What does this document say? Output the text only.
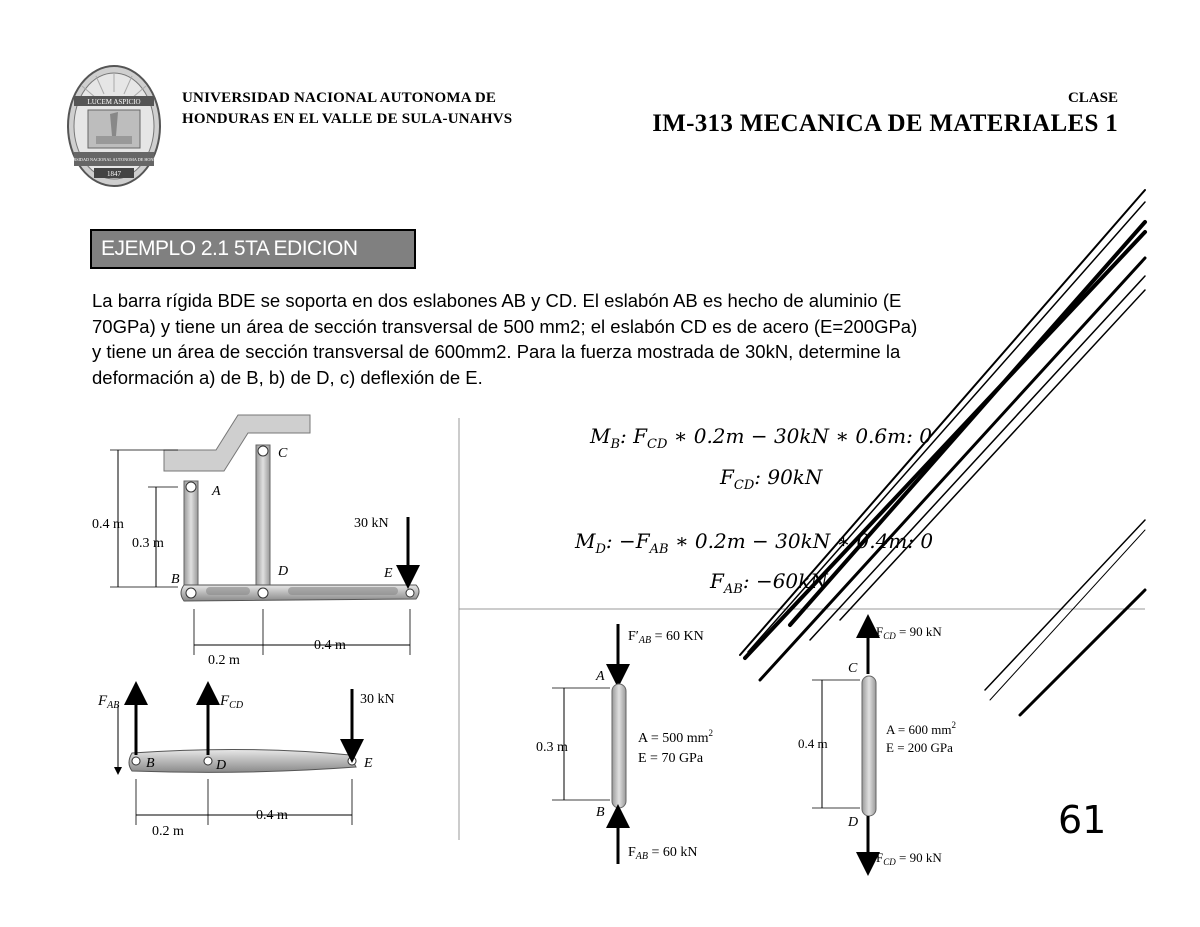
LUCEM ASPICIO
UNIVERSIDAD NACIONAL AUTONOMA DE HONDURAS
1847
UNIVERSIDAD NACIONAL AUTONOMA DE
HONDURAS EN EL VALLE DE SULA-UNAHVS
CLASE
IM-313 MECANICA DE MATERIALES 1
EJEMPLO 2.1 5TA EDICION

La barra rígida BDE se soporta en dos eslabones AB y CD. El eslabón AB es hecho de aluminio (E

70GPa) y tiene un área de sección transversal de 500 mm2; el eslabón CD es de acero (E=200GPa)

y tiene un área de sección transversal de 600mm2. Para la fuerza mostrada de 30kN, determine la

deformación a) de B, b) de D, c) deflexión de E.

$M_B$: $F_{CD}$ ∗ 0.2m − 30kN ∗ 0.6m: 0
$F_{CD}$: 90kN
$M_D$: $-F_{AB}$ ∗ 0.2m − 30kN ∗ 0.4m: 0
$F_{AB}$: −60kN
A
B
C
D	E
30 kN
0.4 m
0.3 m
0.2 m
0.4 m
$F_{AB}$	$F_{CD}$	30 kN
B	D	E
0.2 m
0.4 m
$F'_{AB} = 60$ KN
$F_{AB} = 60$ kN
A
B
0.3 m
A = 500 $mm^2$
E = 70 GPa
$F_{CD} = 90$ kN
$F_{CD} = 90$ kN
C
D
0.4 m
A = 600 $mm^2$
E = 200 GPa
61
